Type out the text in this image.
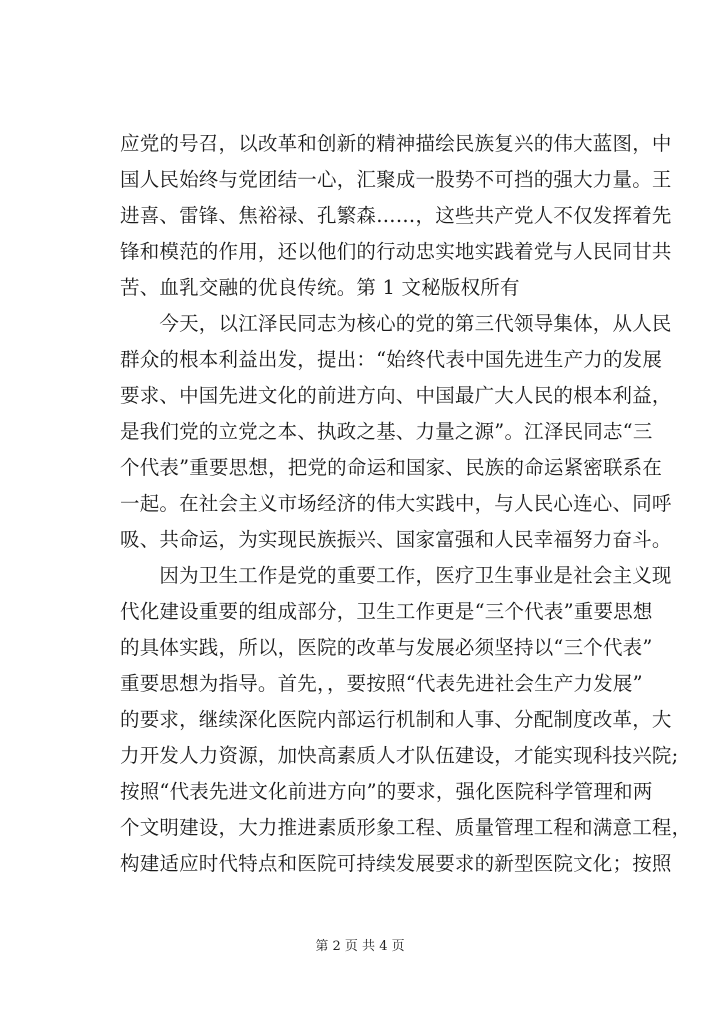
应党的号召，以改革和创新的精神描绘民族复兴的伟大蓝图，中
国人民始终与党团结一心，汇聚成一股势不可挡的强大力量。王
进喜、雷锋、焦裕禄、孔繁森……，这些共产党人不仅发挥着先
锋和模范的作用，还以他们的行动忠实地实践着党与人民同甘共
苦、血乳交融的优良传统。第 1 文秘版权所有
　　今天，以江泽民同志为核心的党的第三代领导集体，从人民
群众的根本利益出发，提出：“始终代表中国先进生产力的发展
要求、中国先进文化的前进方向、中国最广大人民的根本利益，
是我们党的立党之本、执政之基、力量之源”。江泽民同志“三
个代表”重要思想，把党的命运和国家、民族的命运紧密联系在
一起。在社会主义市场经济的伟大实践中，与人民心连心、同呼
吸、共命运，为实现民族振兴、国家富强和人民幸福努力奋斗。
　　因为卫生工作是党的重要工作，医疗卫生事业是社会主义现
代化建设重要的组成部分，卫生工作更是“三个代表”重要思想
的具体实践，所以，医院的改革与发展必须坚持以“三个代表”
重要思想为指导。首先，，要按照“代表先进社会生产力发展”
的要求，继续深化医院内部运行机制和人事、分配制度改革，大
力开发人力资源，加快高素质人才队伍建设，才能实现科技兴院;
按照“代表先进文化前进方向”的要求，强化医院科学管理和两
个文明建设，大力推进素质形象工程、质量管理工程和满意工程，
构建适应时代特点和医院可持续发展要求的新型医院文化；按照
第 2 页 共 4 页
